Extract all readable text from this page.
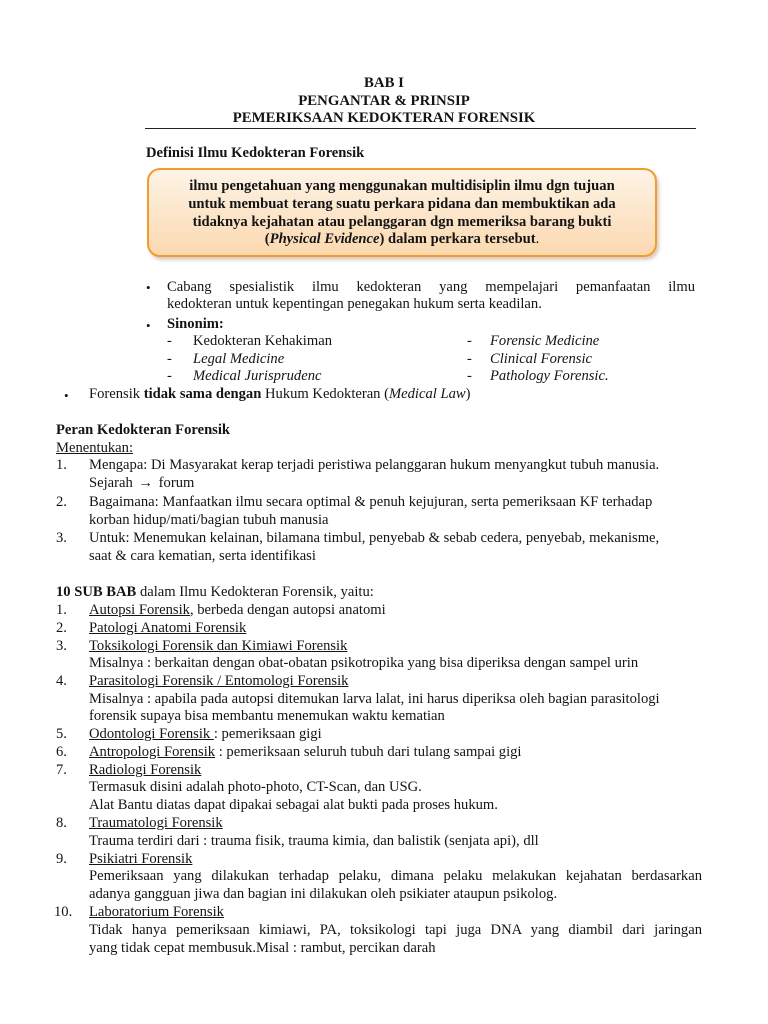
BAB I
PENGANTAR & PRINSIP
PEMERIKSAAN KEDOKTERAN FORENSIK
Definisi Ilmu Kedokteran Forensik
ilmu pengetahuan yang menggunakan multidisiplin ilmu dgn tujuan
untuk membuat terang suatu perkara pidana dan membuktikan ada
tidaknya kejahatan atau pelanggaran dgn memeriksa barang bukti
(Physical Evidence) dalam perkara tersebut.
• Cabang spesialistik ilmu kedokteran yang mempelajari pemanfaatan ilmu
kedokteran untuk kepentingan penegakan hukum serta keadilan.
• Sinonim:
- Kedokteran Kehakiman	- Forensic Medicine
- Legal Medicine	- Clinical Forensic
- Medical Jurisprudenc	- Pathology Forensic.
• Forensik tidak sama dengan Hukum Kedokteran (Medical Law)
Peran Kedokteran Forensik
Menentukan:
1. Mengapa: Di Masyarakat kerap terjadi peristiwa pelanggaran hukum menyangkut tubuh manusia.
Sejarah → forum
2. Bagaimana: Manfaatkan ilmu secara optimal & penuh kejujuran, serta pemeriksaan KF terhadap
korban hidup/mati/bagian tubuh manusia
3. Untuk: Menemukan kelainan, bilamana timbul, penyebab & sebab cedera, penyebab, mekanisme,
saat & cara kematian, serta identifikasi
10 SUB BAB dalam Ilmu Kedokteran Forensik, yaitu:
1. Autopsi Forensik, berbeda dengan autopsi anatomi
2. Patologi Anatomi Forensik
3. Toksikologi Forensik dan Kimiawi Forensik
Misalnya : berkaitan dengan obat-obatan psikotropika yang bisa diperiksa dengan sampel urin
4. Parasitologi Forensik / Entomologi Forensik
Misalnya : apabila pada autopsi ditemukan larva lalat, ini harus diperiksa oleh bagian parasitologi
forensik supaya bisa membantu menemukan waktu kematian
5. Odontologi Forensik : pemeriksaan gigi
6. Antropologi Forensik : pemeriksaan seluruh tubuh dari tulang sampai gigi
7. Radiologi Forensik
Termasuk disini adalah photo-photo, CT-Scan, dan USG.
Alat Bantu diatas dapat dipakai sebagai alat bukti pada proses hukum.
8. Traumatologi Forensik
Trauma terdiri dari : trauma fisik, trauma kimia, dan balistik (senjata api), dll
9. Psikiatri Forensik
Pemeriksaan yang dilakukan terhadap pelaku, dimana pelaku melakukan kejahatan berdasarkan
adanya gangguan jiwa dan bagian ini dilakukan oleh psikiater ataupun psikolog.
10. Laboratorium Forensik
Tidak hanya pemeriksaan kimiawi, PA, toksikologi tapi juga DNA yang diambil dari jaringan
yang tidak cepat membusuk.Misal : rambut, percikan darah
